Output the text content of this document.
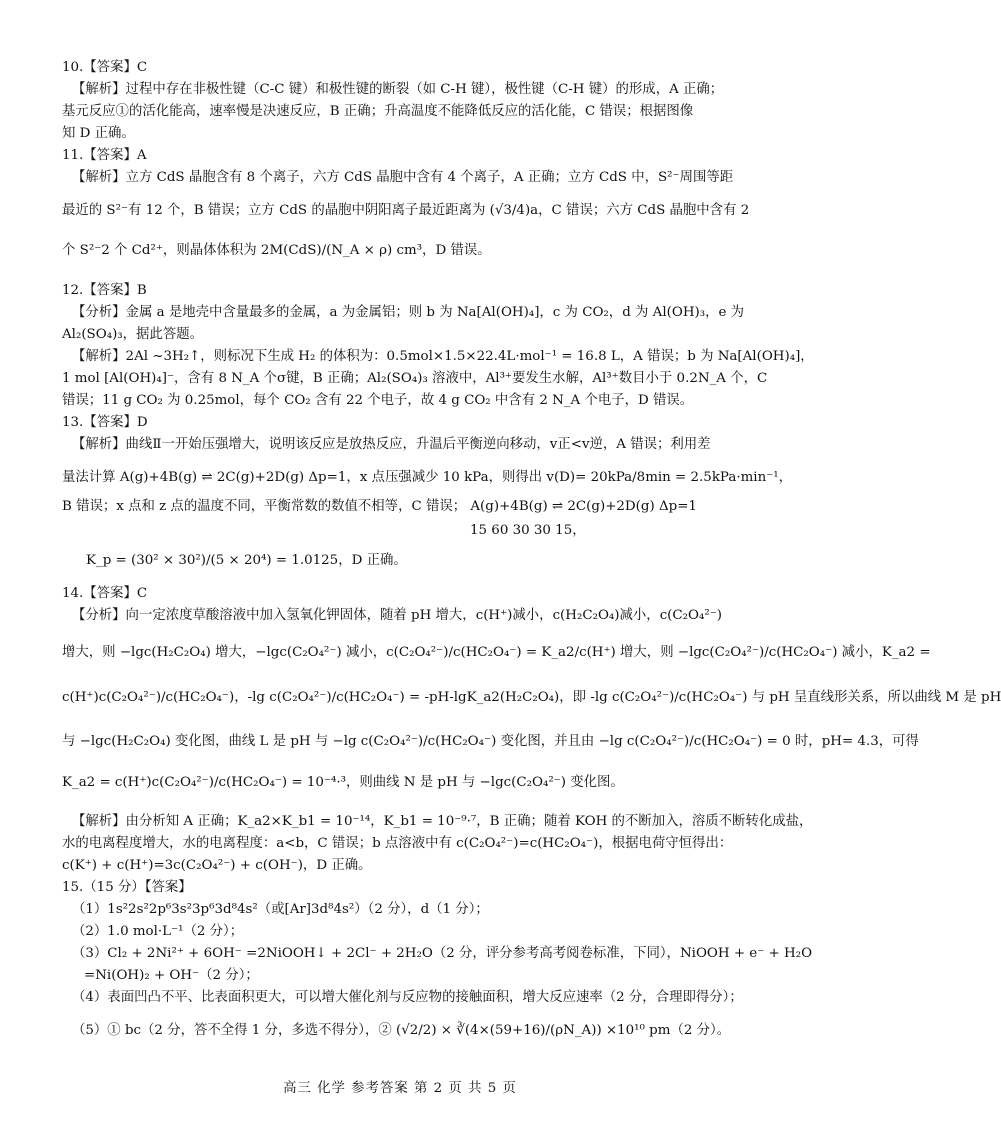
10.【答案】C
【解析】过程中存在非极性键（C-C 键）和极性键的断裂（如 C-H 键），极性键（C-H 键）的形成，A 正确；
基元反应①的活化能高，速率慢是决速反应，B 正确；升高温度不能降低反应的活化能，C 错误；根据图像
知 D 正确。
11.【答案】A
【解析】立方 CdS 晶胞含有 8 个离子，六方 CdS 晶胞中含有 4 个离子，A 正确；立方 CdS 中，S²⁻周围等距
最近的 S²⁻有 12 个，B 错误；立方 CdS 的晶胞中阴阳离子最近距离为 (√3/4)a，C 错误；六方 CdS 晶胞中含有 2
个 S²⁻2 个 Cd²⁺，则晶体体积为 2M(CdS)/(N_A × ρ) cm³，D 错误。
12.【答案】B
【分析】金属 a 是地壳中含量最多的金属，a 为金属铝；则 b 为 Na[Al(OH)₄]，c 为 CO₂，d 为 Al(OH)₃，e 为
Al₂(SO₄)₃，据此答题。
【解析】2Al ~3H₂↑，则标况下生成 H₂ 的体积为：0.5mol×1.5×22.4L·mol⁻¹ = 16.8 L，A 错误；b 为 Na[Al(OH)₄]，
1 mol [Al(OH)₄]⁻，含有 8 N_A 个σ键，B 正确；Al₂(SO₄)₃ 溶液中，Al³⁺要发生水解，Al³⁺数目小于 0.2N_A 个，C
错误；11 g CO₂ 为 0.25mol，每个 CO₂ 含有 22 个电子，故 4 g CO₂ 中含有 2 N_A 个电子，D 错误。
13.【答案】D
【解析】曲线Ⅱ一开始压强增大，说明该反应是放热反应，升温后平衡逆向移动，v正<v逆，A 错误；利用差
量法计算 A(g)+4B(g) ⇌ 2C(g)+2D(g) Δp=1，x 点压强减少 10 kPa，则得出 v(D)= 20kPa/8min = 2.5kPa·min⁻¹，
B 错误；x 点和 z 点的温度不同，平衡常数的数值不相等，C 错误； A(g)+4B(g) ⇌ 2C(g)+2D(g) Δp=1
15 60 30 30 15，
K_p = (30² × 30²)/(5 × 20⁴) = 1.0125，D 正确。
14.【答案】C
【分析】向一定浓度草酸溶液中加入氢氧化钾固体，随着 pH 增大，c(H⁺)减小，c(H₂C₂O₄)减小，c(C₂O₄²⁻)
增大，则 −lgc(H₂C₂O₄) 增大，−lgc(C₂O₄²⁻) 减小，c(C₂O₄²⁻)/c(HC₂O₄⁻) = K_a2/c(H⁺) 增大，则 −lgc(C₂O₄²⁻)/c(HC₂O₄⁻) 减小，K_a2 =
c(H⁺)c(C₂O₄²⁻)/c(HC₂O₄⁻)，-lg c(C₂O₄²⁻)/c(HC₂O₄⁻) = -pH-lgK_a2(H₂C₂O₄)，即 -lg c(C₂O₄²⁻)/c(HC₂O₄⁻) 与 pH 呈直线形关系，所以曲线 M 是 pH
与 −lgc(H₂C₂O₄) 变化图，曲线 L 是 pH 与 −lg c(C₂O₄²⁻)/c(HC₂O₄⁻) 变化图，并且由 −lg c(C₂O₄²⁻)/c(HC₂O₄⁻) = 0 时，pH= 4.3，可得
K_a2 = c(H⁺)c(C₂O₄²⁻)/c(HC₂O₄⁻) = 10⁻⁴·³，则曲线 N 是 pH 与 −lgc(C₂O₄²⁻) 变化图。
【解析】由分析知 A 正确；K_a2×K_b1 = 10⁻¹⁴，K_b1 = 10⁻⁹·⁷，B 正确；随着 KOH 的不断加入，溶质不断转化成盐，
水的电离程度增大，水的电离程度：a<b，C 错误；b 点溶液中有 c(C₂O₄²⁻)=c(HC₂O₄⁻)，根据电荷守恒得出：
c(K⁺) + c(H⁺)=3c(C₂O₄²⁻) + c(OH⁻)，D 正确。
15.（15 分）【答案】
（1）1s²2s²2p⁶3s²3p⁶3d⁸4s²（或[Ar]3d⁸4s²）（2 分），d（1 分）；
（2）1.0 mol·L⁻¹（2 分）；
（3）Cl₂ + 2Ni²⁺ + 6OH⁻ =2NiOOH↓ + 2Cl⁻ + 2H₂O（2 分，评分参考高考阅卷标准，下同），NiOOH + e⁻ + H₂O
=Ni(OH)₂ + OH⁻（2 分）；
（4）表面凹凸不平、比表面积更大，可以增大催化剂与反应物的接触面积，增大反应速率（2 分，合理即得分）；
（5）① bc（2 分，答不全得 1 分，多选不得分），② (√2/2) × ∛(4×(59+16)/(ρN_A)) ×10¹⁰ pm（2 分）。
高三 化学 参考答案 第 2 页 共 5 页
